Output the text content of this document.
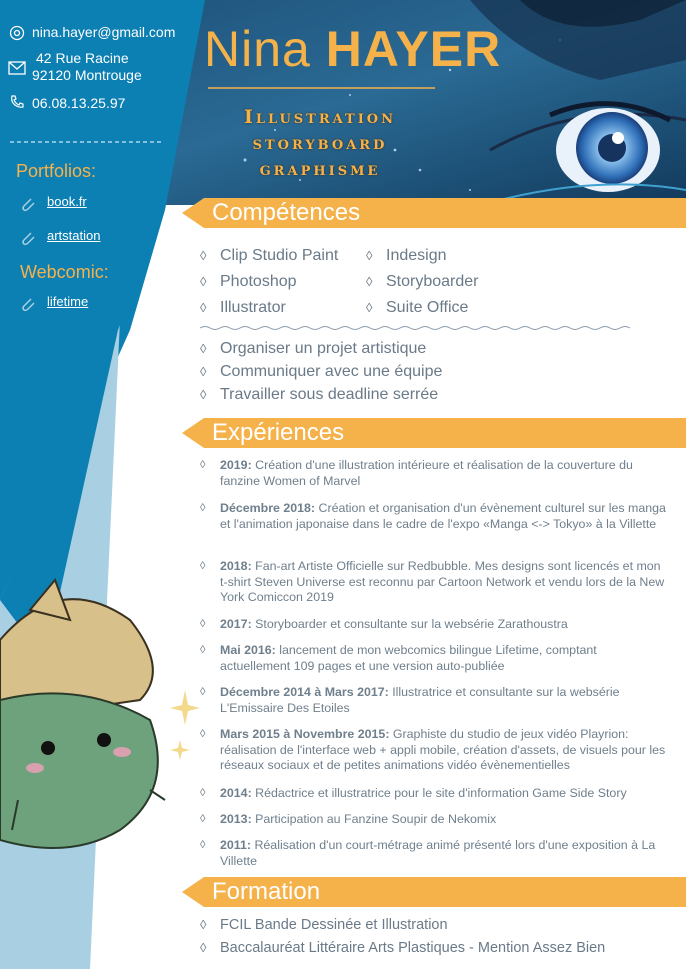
nina.hayer@gmail.com
42 Rue Racine
92120 Montrouge
06.08.13.25.97
Portfolios:
book.fr
artstation
Webcomic:
lifetime
Nina HAYER
Illustration
storyboard
graphisme
Compétences
◊ Clip Studio Paint
◊ Photoshop
◊ Illustrator
◊ Indesign
◊ Storyboarder
◊ Suite Office
◊ Organiser un projet artistique
◊ Communiquer avec une équipe
◊ Travailler sous deadline serrée
Expériences
◊	2019: Création d'une illustration intérieure et réalisation de la couverture du fanzine Women of Marvel
◊	Décembre 2018: Création et organisation d'un évènement culturel sur les manga et l'animation japonaise dans le cadre de l'expo «Manga <-> Tokyo» à la Villette
◊	2018: Fan-art Artiste Officielle sur Redbubble. Mes designs sont licencés et mon t-shirt Steven Universe est reconnu par Cartoon Network et vendu lors de la New York Comiccon 2019
◊	2017: Storyboarder et consultante sur la websérie Zarathoustra
◊	Mai 2016: lancement de mon webcomics bilingue Lifetime, comptant actuellement 109 pages et une version auto-publiée
◊	Décembre 2014 à Mars 2017: Illustratrice et consultante sur la websérie L'Emissaire Des Etoiles
◊	Mars 2015 à Novembre 2015: Graphiste du studio de jeux vidéo Playrion: réalisation de l'interface web + appli mobile, création d'assets, de visuels pour les réseaux sociaux et de petites animations vidéo évènementielles
◊	2014: Rédactrice et illustratrice pour le site d'information Game Side Story
◊	2013: Participation au Fanzine Soupir de Nekomix
◊	2011: Réalisation d'un court-métrage animé présenté lors d'une exposition à La Villette
Formation
◊ FCIL Bande Dessinée et Illustration
◊ Baccalauréat Littéraire Arts Plastiques - Mention Assez Bien
